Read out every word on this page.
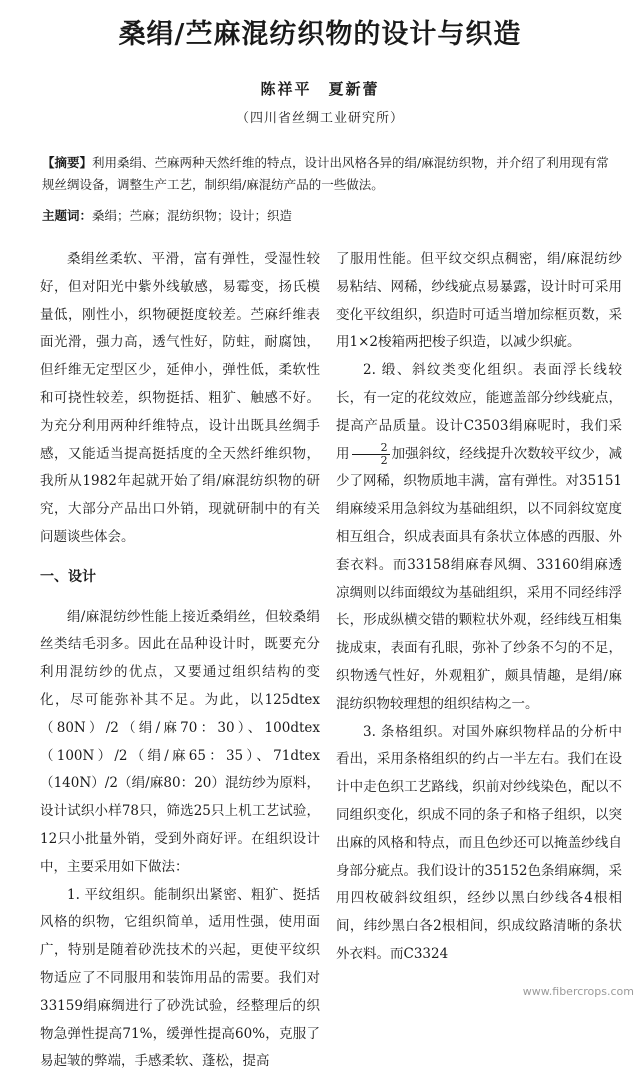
桑绢/苎麻混纺织物的设计与织造
陈祥平　夏新蕾
（四川省丝绸工业研究所）
【摘要】利用桑绢、苎麻两种天然纤维的特点，设计出风格各异的绢/麻混纺织物，并介绍了利用现有常规丝绸设备，调整生产工艺，制织绢/麻混纺产品的一些做法。
主题词：桑绢；苎麻；混纺织物；设计；织造

桑绢丝柔软、平滑，富有弹性，受湿性较好，但对阳光中紫外线敏感，易霉变，扬氏模量低，刚性小，织物硬挺度较差。苎麻纤维表面光滑，强力高，透气性好，防蛀，耐腐蚀，但纤维无定型区少，延伸小，弹性低，柔软性和可挠性较差，织物挺括、粗犷、触感不好。为充分利用两种纤维特点，设计出既具丝绸手感，又能适当提高挺括度的全天然纤维织物，我所从1982年起就开始了绢/麻混纺织物的研究，大部分产品出口外销，现就研制中的有关问题谈些体会。

一、设计

绢/麻混纺纱性能上接近桑绢丝，但较桑绢丝类结毛羽多。因此在品种设计时，既要充分利用混纺纱的优点，又要通过组织结构的变化，尽可能弥补其不足。为此，以125dtex（80N）/2（绢/麻70：30）、100dtex（100N）/2（绢/麻65：35）、71dtex（140N）/2（绢/麻80：20）混纺纱为原料，设计试织小样78只，筛选25只上机工艺试验，12只小批量外销，受到外商好评。在组织设计中，主要采用如下做法：

1. 平纹组织。能制织出紧密、粗犷、挺括风格的织物，它组织简单，适用性强，使用面广，特别是随着砂洗技术的兴起，更使平纹织物适应了不同服用和装饰用品的需要。我们对33159绢麻绸进行了砂洗试验，经整理后的织物急弹性提高71%，缓弹性提高60%，克服了易起皱的弊端，手感柔软、蓬松，提高

了服用性能。但平纹交织点稠密，绢/麻混纺纱易粘结、网稀，纱线疵点易暴露，设计时可采用变化平纹组织，织造时可适当增加综框页数，采用1×2梭箱两把梭子织造，以减少织疵。

2. 缎、斜纹类变化组织。表面浮长线较长，有一定的花纹效应，能遮盖部分纱线疵点，提高产品质量。设计C3503绢麻呢时，我们采用 $\frac{2}{2}$ 加强斜纹，经线提升次数较平纹少，减少了网稀，织物质地丰满，富有弹性。对35151绢麻绫采用急斜纹为基础组织，以不同斜纹宽度相互组合，织成表面具有条状立体感的西服、外套衣料。而33158绢麻春风绸、33160绢麻透凉绸则以纬面缎纹为基础组织，采用不同经纬浮长，形成纵横交错的颗粒状外观，经纬线互相集拢成束，表面有孔眼，弥补了纱条不匀的不足，织物透气性好，外观粗犷，颇具情趣，是绢/麻混纺织物较理想的组织结构之一。

3. 条格组织。对国外麻织物样品的分析中看出，采用条格组织的约占一半左右。我们在设计中走色织工艺路线，织前对纱线染色，配以不同组织变化，织成不同的条子和格子组织，以突出麻的风格和特点，而且色纱还可以掩盖纱线自身部分疵点。我们设计的35152色条绢麻绸，采用四枚破斜纹组织，经纱以黑白纱线各4根相间，纬纱黑白各2根相间，织成纹路清晰的条状外衣料。而C3324

www.fibercrops.com
